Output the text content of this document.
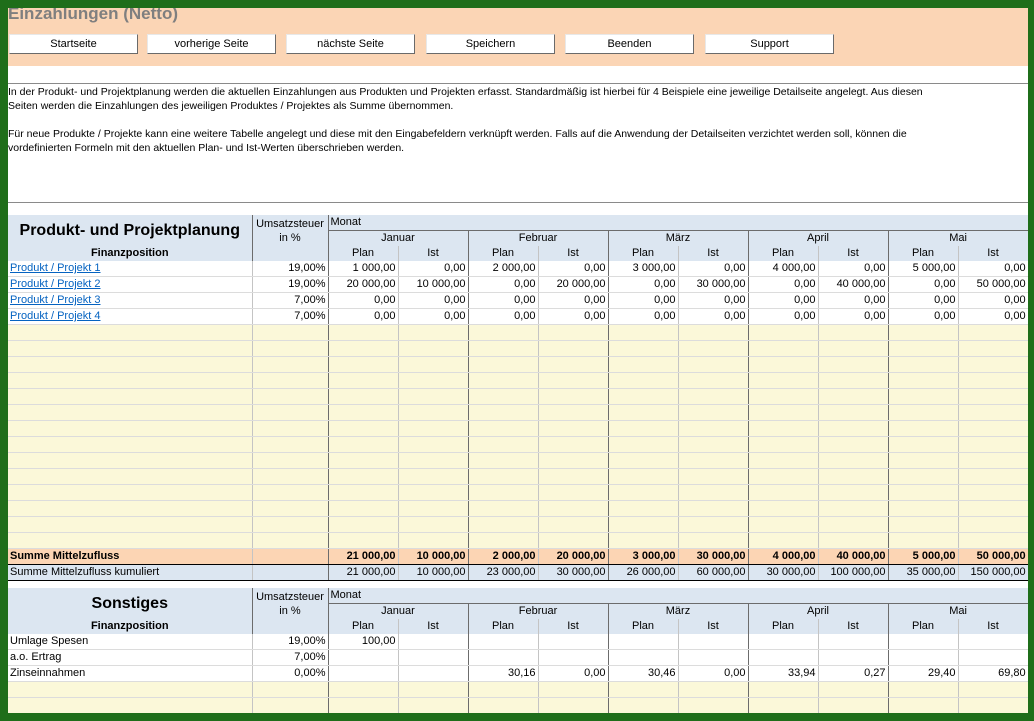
Einzahlungen (Netto)
Startseite	vorherige Seite	nächste Seite	Speichern	Beenden	Support
In der Produkt- und Projektplanung werden die aktuellen Einzahlungen aus Produkten und Projekten erfasst. Standardmäßig ist hierbei für 4 Beispiele eine jeweilige Detailseite angelegt. Aus diesen
Seiten werden die Einzahlungen des jeweiligen Produktes / Projektes als Summe übernommen.
Für neue Produkte / Projekte kann eine weitere Tabelle angelegt und diese mit den Eingabefeldern verknüpft werden. Falls auf die Anwendung der Detailseiten verzichtet werden soll, können die
vordefinierten Formeln mit den aktuellen Plan- und Ist-Werten überschrieben werden.
Produkt- und Projektplanung	Umsatzsteuer
in %	Monat									
		Januar		Februar		März		April		Mai	
Finanzposition		Plan	Ist	Plan	Ist	Plan	Ist	Plan	Ist	Plan	Ist
Produkt / Projekt 1	19,00%	1 000,00	0,00	2 000,00	0,00	3 000,00	0,00	4 000,00	0,00	5 000,00	0,00
Produkt / Projekt 2	19,00%	20 000,00	10 000,00	0,00	20 000,00	0,00	30 000,00	0,00	40 000,00	0,00	50 000,00
Produkt / Projekt 3	7,00%	0,00	0,00	0,00	0,00	0,00	0,00	0,00	0,00	0,00	0,00
Produkt / Projekt 4	7,00%	0,00	0,00	0,00	0,00	0,00	0,00	0,00	0,00	0,00	0,00

Summe Mittelzufluss		21 000,00	10 000,00	2 000,00	20 000,00	3 000,00	30 000,00	4 000,00	40 000,00	5 000,00	50 000,00
Summe Mittelzufluss kumuliert		21 000,00	10 000,00	23 000,00	30 000,00	26 000,00	60 000,00	30 000,00	100 000,00	35 000,00	150 000,00
Sonstiges	Umsatzsteuer
in %	Monat									
		Januar		Februar		März		April		Mai	
Finanzposition		Plan	Ist	Plan	Ist	Plan	Ist	Plan	Ist	Plan	Ist
Umlage Spesen	19,00%	100,00									
a.o. Ertrag	7,00%										
Zinseinnahmen	0,00%			30,16	0,00	30,46	0,00	33,94	0,27	29,40	69,80
